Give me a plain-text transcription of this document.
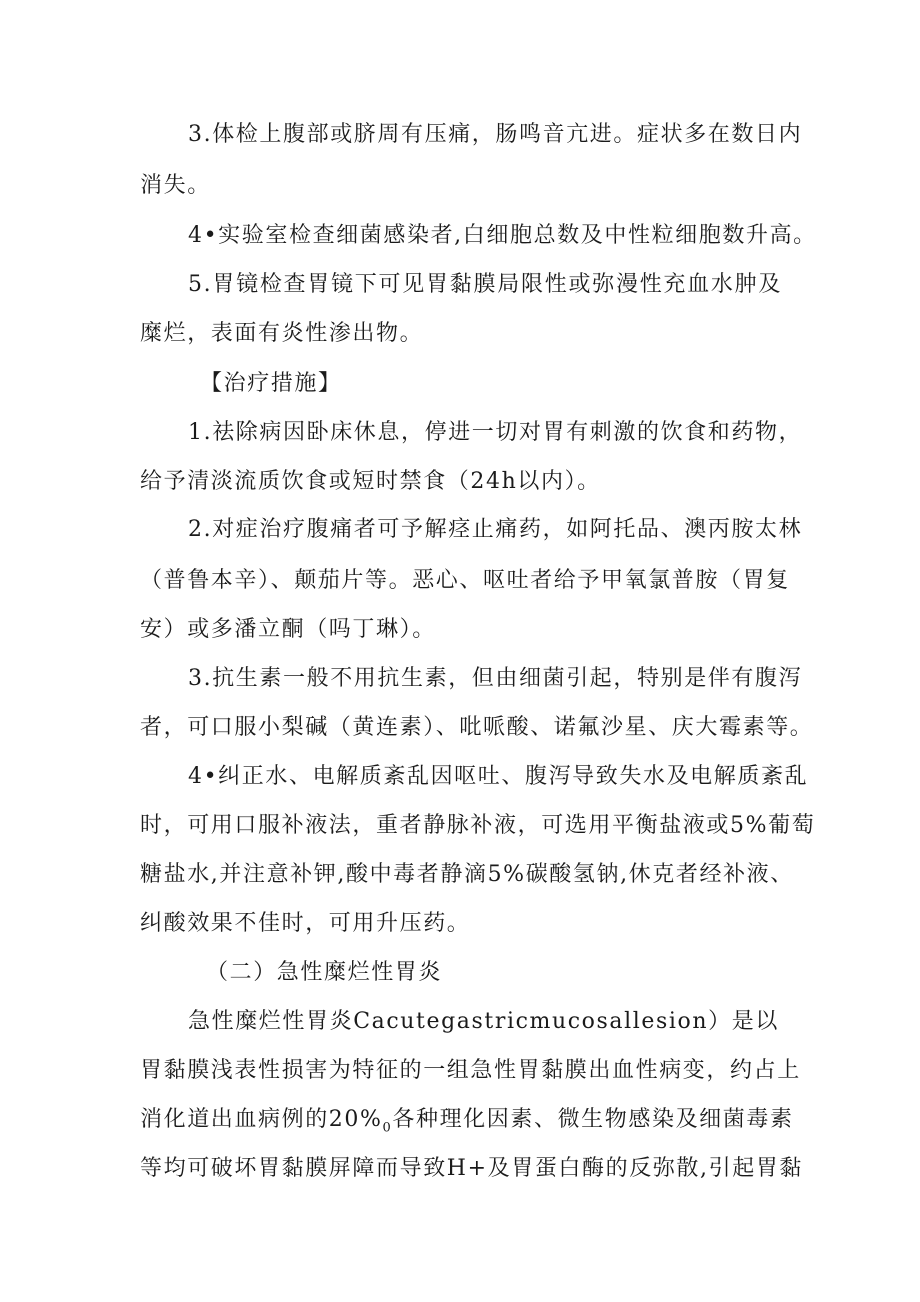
3.体检上腹部或脐周有压痛，肠鸣音亢进。症状多在数日内
消失。
4•实验室检查细菌感染者,白细胞总数及中性粒细胞数升高。
5.胃镜检查胃镜下可见胃黏膜局限性或弥漫性充血水肿及
糜烂，表面有炎性渗出物。
【治疗措施】
1.祛除病因卧床休息，停进一切对胃有刺激的饮食和药物，
给予清淡流质饮食或短时禁食（24h以内）。
2.对症治疗腹痛者可予解痉止痛药，如阿托品、澳丙胺太林
（普鲁本辛）、颠茄片等。恶心、呕吐者给予甲氧氯普胺（胃复
安）或多潘立酮（吗丁琳）。
3.抗生素一般不用抗生素，但由细菌引起，特别是伴有腹泻
者，可口服小梨碱（黄连素）、吡哌酸、诺氟沙星、庆大霉素等。
4•纠正水、电解质紊乱因呕吐、腹泻导致失水及电解质紊乱
时，可用口服补液法，重者静脉补液，可选用平衡盐液或5%葡萄
糖盐水,并注意补钾,酸中毒者静滴5%碳酸氢钠,休克者经补液、
纠酸效果不佳时，可用升压药。
（二）急性糜烂性胃炎
急性糜烂性胃炎Cacutegastricmucosallesion）是以
胃黏膜浅表性损害为特征的一组急性胃黏膜出血性病变，约占上
消化道出血病例的$20\%_0$各种理化因素、微生物感染及细菌毒素
等均可破坏胃黏膜屏障而导致H+及胃蛋白酶的反弥散,引起胃黏
